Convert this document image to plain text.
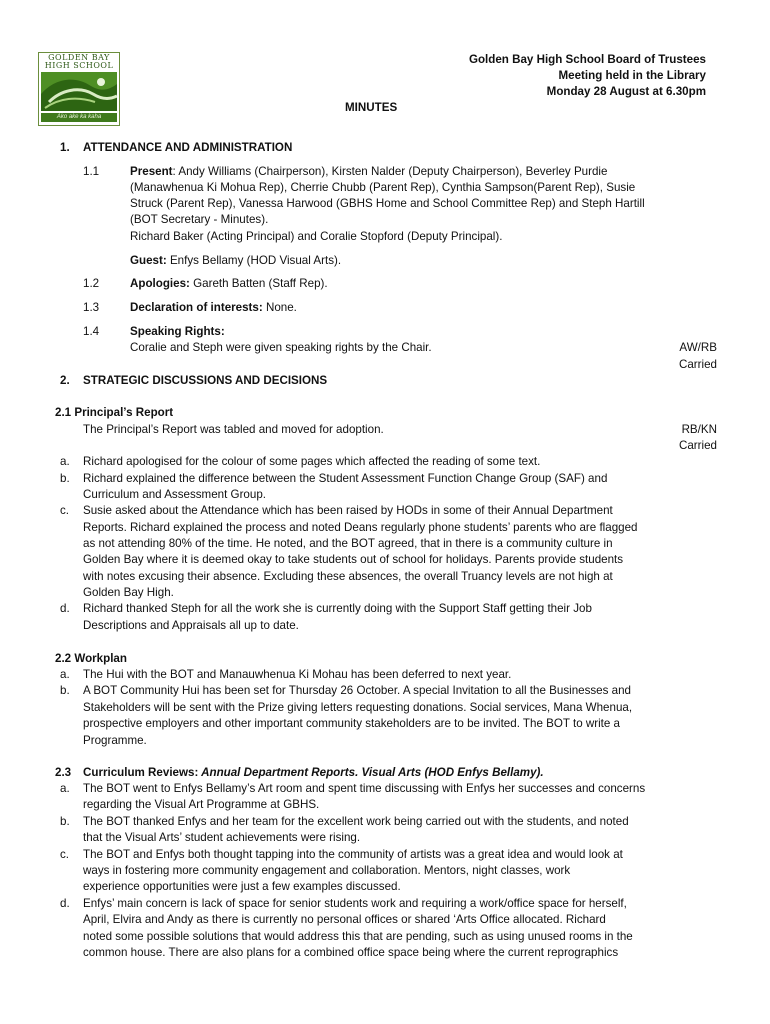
GOLDEN BAY
HIGH SCHOOL
Ako ake ka kaha
Golden Bay High School Board of Trustees
Meeting held in the Library
Monday 28 August at 6.30pm
MINUTES
1. ATTENDANCE AND ADMINISTRATION
1.1	Present: Andy Williams (Chairperson), Kirsten Nalder (Deputy Chairperson), Beverley Purdie
(Manawhenua Ki Mohua Rep), Cherrie Chubb (Parent Rep), Cynthia Sampson(Parent Rep), Susie
Struck (Parent Rep), Vanessa Harwood (GBHS Home and School Committee Rep) and Steph Hartill
(BOT Secretary - Minutes).
Richard Baker (Acting Principal) and Coralie Stopford (Deputy Principal).
Guest: Enfys Bellamy (HOD Visual Arts).
1.2	Apologies: Gareth Batten (Staff Rep).
1.3	Declaration of interests: None.
1.4	Speaking Rights:
Coralie and Steph were given speaking rights by the Chair.	AW/RB
Carried
2. STRATEGIC DISCUSSIONS AND DECISIONS
2.1 Principal’s Report
The Principal’s Report was tabled and moved for adoption.	RB/KN
Carried
a. Richard apologised for the colour of some pages which affected the reading of some text.
b. Richard explained the difference between the Student Assessment Function Change Group (SAF) and
Curriculum and Assessment Group.
c. Susie asked about the Attendance which has been raised by HODs in some of their Annual Department
Reports. Richard explained the process and noted Deans regularly phone students’ parents who are flagged
as not attending 80% of the time. He noted, and the BOT agreed, that in there is a community culture in
Golden Bay where it is deemed okay to take students out of school for holidays. Parents provide students
with notes excusing their absence. Excluding these absences, the overall Truancy levels are not high at
Golden Bay High.
d. Richard thanked Steph for all the work she is currently doing with the Support Staff getting their Job
Descriptions and Appraisals all up to date.
2.2 Workplan
a. The Hui with the BOT and Manauwhenua Ki Mohau has been deferred to next year.
b. A BOT Community Hui has been set for Thursday 26 October. A special Invitation to all the Businesses and
Stakeholders will be sent with the Prize giving letters requesting donations. Social services, Mana Whenua,
prospective employers and other important community stakeholders are to be invited. The BOT to write a
Programme.
2.3 Curriculum Reviews: Annual Department Reports. Visual Arts (HOD Enfys Bellamy).
a. The BOT went to Enfys Bellamy’s Art room and spent time discussing with Enfys her successes and concerns
regarding the Visual Art Programme at GBHS.
b. The BOT thanked Enfys and her team for the excellent work being carried out with the students, and noted
that the Visual Arts’ student achievements were rising.
c. The BOT and Enfys both thought tapping into the community of artists was a great idea and would look at
ways in fostering more community engagement and collaboration. Mentors, night classes, work
experience opportunities were just a few examples discussed.
d. Enfys’ main concern is lack of space for senior students work and requiring a work/office space for herself,
April, Elvira and Andy as there is currently no personal offices or shared ‘Arts Office allocated. Richard
noted some possible solutions that would address this that are pending, such as using unused rooms in the
common house. There are also plans for a combined office space being where the current reprographics
